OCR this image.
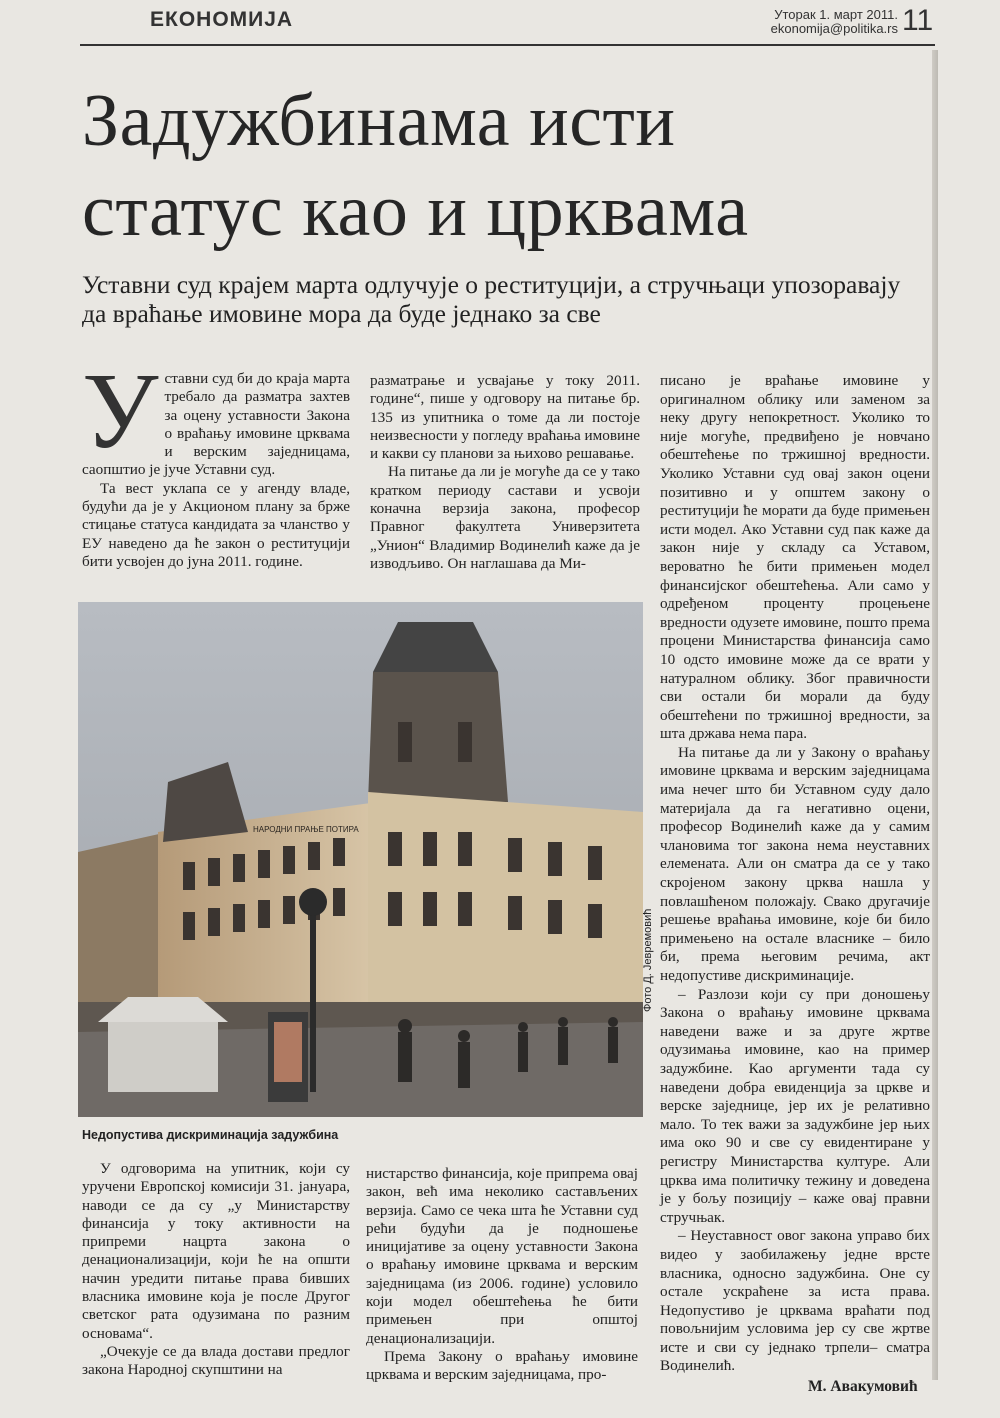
ЕКОНОМИЈА	Уторак 1. март 2011.
ekonomija@politika.rs 11
Задужбинама исти
статус као и црквама

Уставни суд крајем марта одлучује о реституцији, а стручњаци упозоравају да враћање имовине мора да буде једнако за све

Уставни суд би до краја марта требало да разматра захтев за оцену уставности Закона о враћању имовине црквама и верским заједницама, саопштио је јуче Уставни суд.

Та вест уклапа се у агенду владе, будући да је у Акционом плану за брже стицање статуса кандидата за чланство у ЕУ наведено да ће закон о реституцији бити усвојен до јуна 2011. године.

разматрање и усвајање у току 2011. године“, пише у одговору на питање бр. 135 из упитника о томе да ли постоје неизвесности у погледу враћања имовине и какви су планови за њихово решавање.

На питање да ли је могуће да се у тако кратком периоду састави и усвоји коначна верзија закона, професор Правног факултета Универзитета „Унион“ Владимир Водинелић каже да је изводљиво. Он наглашава да Ми-

НАРОДНИ ПРАЊЕ ПОТИРА
Фото Д. Јевремовић
Недопустива дискриминација задужбина

У одговорима на упитник, који су уручени Европској комисији 31. јануара, наводи се да су „у Министарству финансија у току активности на припреми нацрта закона о денационализацији, који ће на општи начин уредити питање права бивших власника имовине која је после Другог светског рата одузимана по разним основама“.

„Очекује се да влада достави предлог закона Народној скупштини на

нистарство финансија, које припрема овај закон, већ има неколико састављених верзија. Само се чека шта ће Уставни суд рећи будући да је подношење иницијативе за оцену уставности Закона о враћању имовине црквама и верским заједницама (из 2006. године) условило који модел обештећења ће бити примењен при општој денационализацији.

Према Закону о враћању имовине црквама и верским заједницама, про-

писано је враћање имовине у оригиналном облику или заменом за неку другу непокретност. Уколико то није могуће, предвиђено је новчано обештећење по тржишној вредности. Уколико Уставни суд овај закон оцени позитивно и у општем закону о реституцији ће морати да буде примењен исти модел. Ако Уставни суд пак каже да закон није у складу са Уставом, вероватно ће бити примењен модел финансијског обештећења. Али само у одређеном проценту процењене вредности одузете имовине, пошто према процени Министарства финансија само 10 одсто имовине може да се врати у натуралном облику. Због правичности сви остали би морали да буду обештећени по тржишној вредности, за шта држава нема пара.

На питање да ли у Закону о враћању имовине црквама и верским заједницама има нечег што би Уставном суду дало материјала да га негативно оцени, професор Водинелић каже да у самим члановима тог закона нема неуставних елемената. Али он сматра да се у тако скројеном закону црква нашла у повлашћеном положају. Свако другачије решење враћања имовине, које би било примењено на остале власнике – било би, према његовим речима, акт недопустиве дискриминације.

– Разлози који су при доношењу Закона о враћању имовине црквама наведени важе и за друге жртве одузимања имовине, као на пример задужбине. Као аргументи тада су наведени добра евиденција за цркве и верске заједнице, јер их је релативно мало. То тек важи за задужбине јер њих има око 90 и све су евидентиране у регистру Министарства културе. Али црква има политичку тежину и доведена је у бољу позицију – каже овај правни стручњак.

– Неуставност овог закона управо бих видео у заобилажењу једне врсте власника, односно задужбина. Оне су остале ускраћене за иста права. Недопустиво је црквама враћати под повољнијим условима јер су све жртве исте и сви су једнако трпели– сматра Водинелић.

М. Авакумовић
